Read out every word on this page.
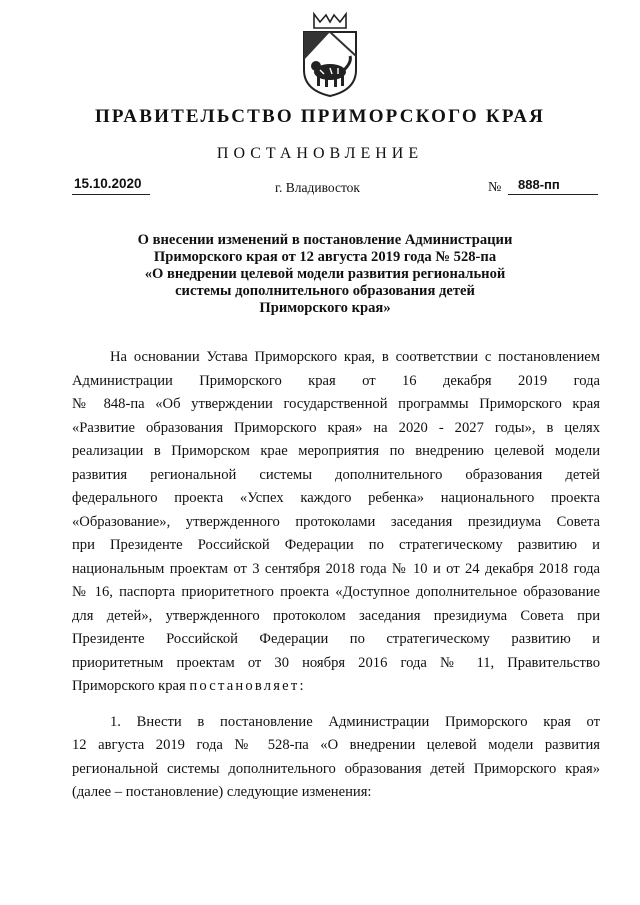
ПРАВИТЕЛЬСТВО ПРИМОРСКОГО КРАЯ
ПОСТАНОВЛЕНИЕ
15.10.2020	г. Владивосток	№ 888-пп
О внесении изменений в постановление Администрации
Приморского края от 12 августа 2019 года № 528-па
«О внедрении целевой модели развития региональной
системы дополнительного образования детей
Приморского края»
На основании Устава Приморского края, в соответствии с постановлением
Администрации Приморского края от 16 декабря 2019 года
№ 848-па «Об утверждении государственной программы Приморского края
«Развитие образования Приморского края» на 2020 - 2027 годы», в целях
реализации в Приморском крае мероприятия по внедрению целевой модели
развития региональной системы дополнительного образования детей
федерального проекта «Успех каждого ребенка» национального проекта
«Образование», утвержденного протоколами заседания президиума Совета
при Президенте Российской Федерации по стратегическому развитию и
национальным проектам от 3 сентября 2018 года № 10 и от 24 декабря 2018 года
№ 16, паспорта приоритетного проекта «Доступное дополнительное образование
для детей», утвержденного протоколом заседания президиума Совета при
Президенте Российской Федерации по стратегическому развитию и
приоритетным проектам от 30 ноября 2016 года № 11, Правительство
Приморского края постановляет:
1. Внести в постановление Администрации Приморского края от
12 августа 2019 года № 528-па «О внедрении целевой модели развития
региональной системы дополнительного образования детей Приморского края»
(далее – постановление) следующие изменения:
